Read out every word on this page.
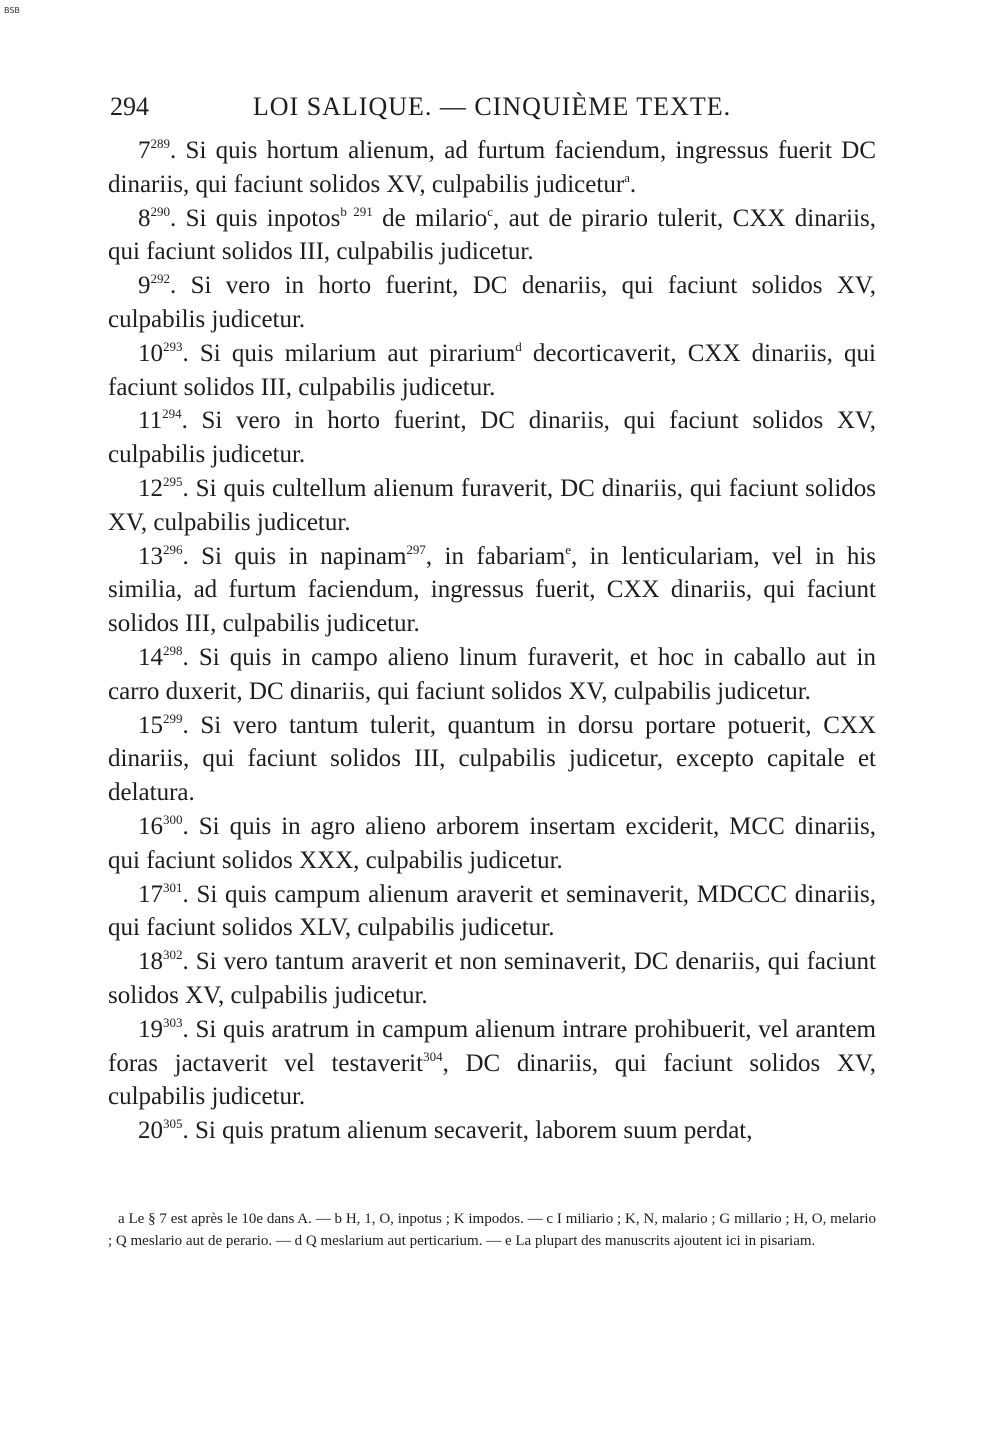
BSB
294	LOI SALIQUE. — CINQUIÈME TEXTE.

$7^{289}$. Si quis hortum alienum, ad furtum faciendum, ingressus fuerit DC dinariis, qui faciunt solidos XV, culpabilis judicetur$^a$.

$8^{290}$. Si quis inpotos$^{b 291}$ de milario$^c$, aut de pirario tulerit, CXX dinariis, qui faciunt solidos III, culpabilis judicetur.

$9^{292}$. Si vero in horto fuerint, DC denariis, qui faciunt solidos XV, culpabilis judicetur.

$10^{293}$. Si quis milarium aut pirarium$^d$ decorticaverit, CXX dinariis, qui faciunt solidos III, culpabilis judicetur.

$11^{294}$. Si vero in horto fuerint, DC dinariis, qui faciunt solidos XV, culpabilis judicetur.

$12^{295}$. Si quis cultellum alienum furaverit, DC dinariis, qui faciunt solidos XV, culpabilis judicetur.

$13^{296}$. Si quis in napinam$^{297}$, in fabariam$^e$, in lenticulariam, vel in his similia, ad furtum faciendum, ingressus fuerit, CXX dinariis, qui faciunt solidos III, culpabilis judicetur.

$14^{298}$. Si quis in campo alieno linum furaverit, et hoc in caballo aut in carro duxerit, DC dinariis, qui faciunt solidos XV, culpabilis judicetur.

$15^{299}$. Si vero tantum tulerit, quantum in dorsu portare potuerit, CXX dinariis, qui faciunt solidos III, culpabilis judicetur, excepto capitale et delatura.

$16^{300}$. Si quis in agro alieno arborem insertam exciderit, MCC dinariis, qui faciunt solidos XXX, culpabilis judicetur.

$17^{301}$. Si quis campum alienum araverit et seminaverit, MDCCC dinariis, qui faciunt solidos XLV, culpabilis judicetur.

$18^{302}$. Si vero tantum araverit et non seminaverit, DC denariis, qui faciunt solidos XV, culpabilis judicetur.

$19^{303}$. Si quis aratrum in campum alienum intrare prohibuerit, vel arantem foras jactaverit vel testaverit$^{304}$, DC dinariis, qui faciunt solidos XV, culpabilis judicetur.

$20^{305}$. Si quis pratum alienum secaverit, laborem suum perdat,

a Le § 7 est après le 10e dans A. — b H, 1, O, inpotus ; K impodos. — c I miliario ; K, N, malario ; G millario ; H, O, melario ; Q meslario aut de perario. — d Q meslarium aut perticarium. — e La plupart des manuscrits ajoutent ici in pisariam.
